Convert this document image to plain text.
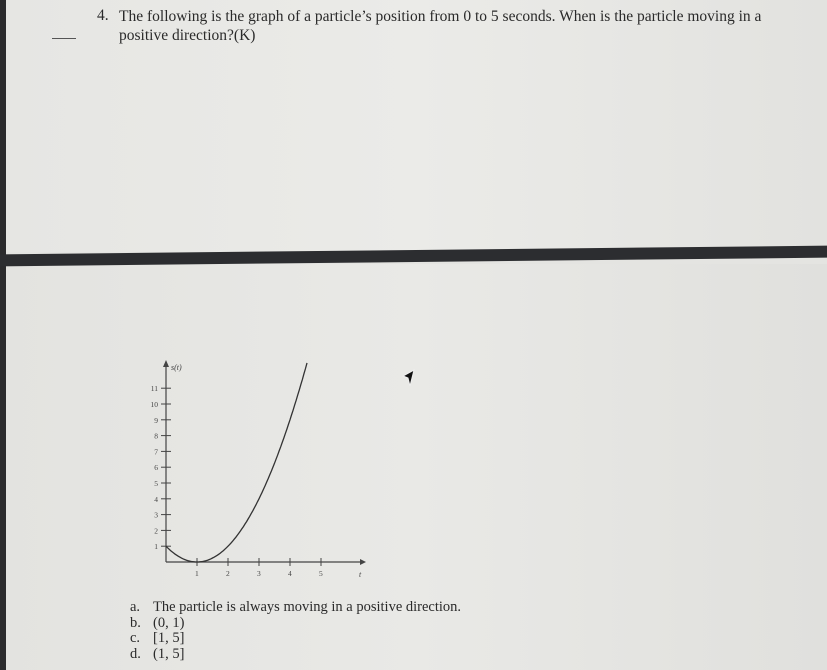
4. The following is the graph of a particle’s position from 0 to 5 seconds. When is the particle moving in a positive direction?(K)
s(t)
t
1	2	3	4	5
1
2
3
4
5
6
7
8
9
10
11
a. The particle is always moving in a positive direction.
b. (0, 1)
c. [1, 5]
d. (1, 5]
